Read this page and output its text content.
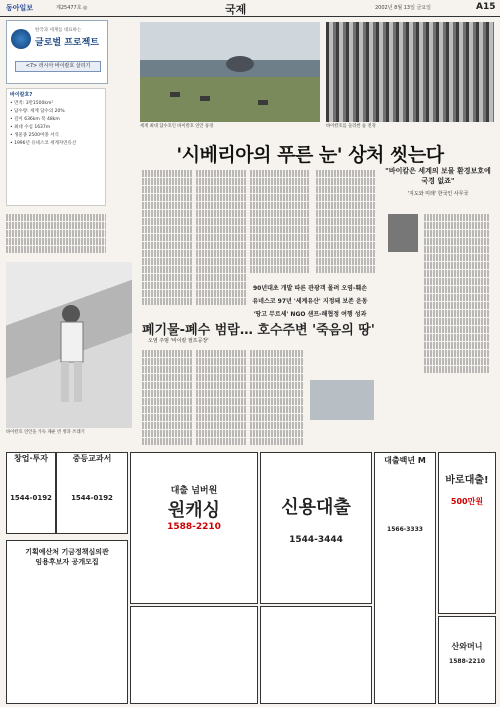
동아일보	제25477호 ◎	국제	2002년 8월 13일 금요일	A15
한국과 세계를 대표하는
글로벌 프로젝트
<7> 러시아 바이칼호 살리기
바이칼호?
• 면적: 3만1500km²
• 담수량: 세계 담수의 20%
• 길이 636km 폭 48km
• 최대 수심 1637m
• 생물종 2500여종 서식
• 1996년 유네스코 세계자연유산
세계 최대 담수호인 바이칼호 연안 풍경	바이칼호를 둘러싼 숲 전경
'시베리아의 푸른 눈' 상처 씻는다
바이칼호 연안을 가득 채운 빈 병과 쓰레기
90년대초 개발 따른 관광객 몰려 오염-훼손
유네스코 97년 '세계유산' 지정돼 보존 운동
'땅고 무르세' NGO 샌프-해협정 여행 성과
"바이칼은 세계의 보물 환경보호에 국경 없죠"
'지도와 미래' 한국인 사무국
폐기물-폐수 범람… 호수주변 '죽음의 땅'
오염 주범 '바이칼 펄프공장'
창업·투자
1544-0192
중등교과서
1544-0192
기획예산처 기금정책심의관
임용후보자 공개모집
대출 넘버원
원캐싱
1588-2210
신용대출
1544-3444
대출백년 M
1566-3333
바로대출!
500만원
산와머니
1588-2210
